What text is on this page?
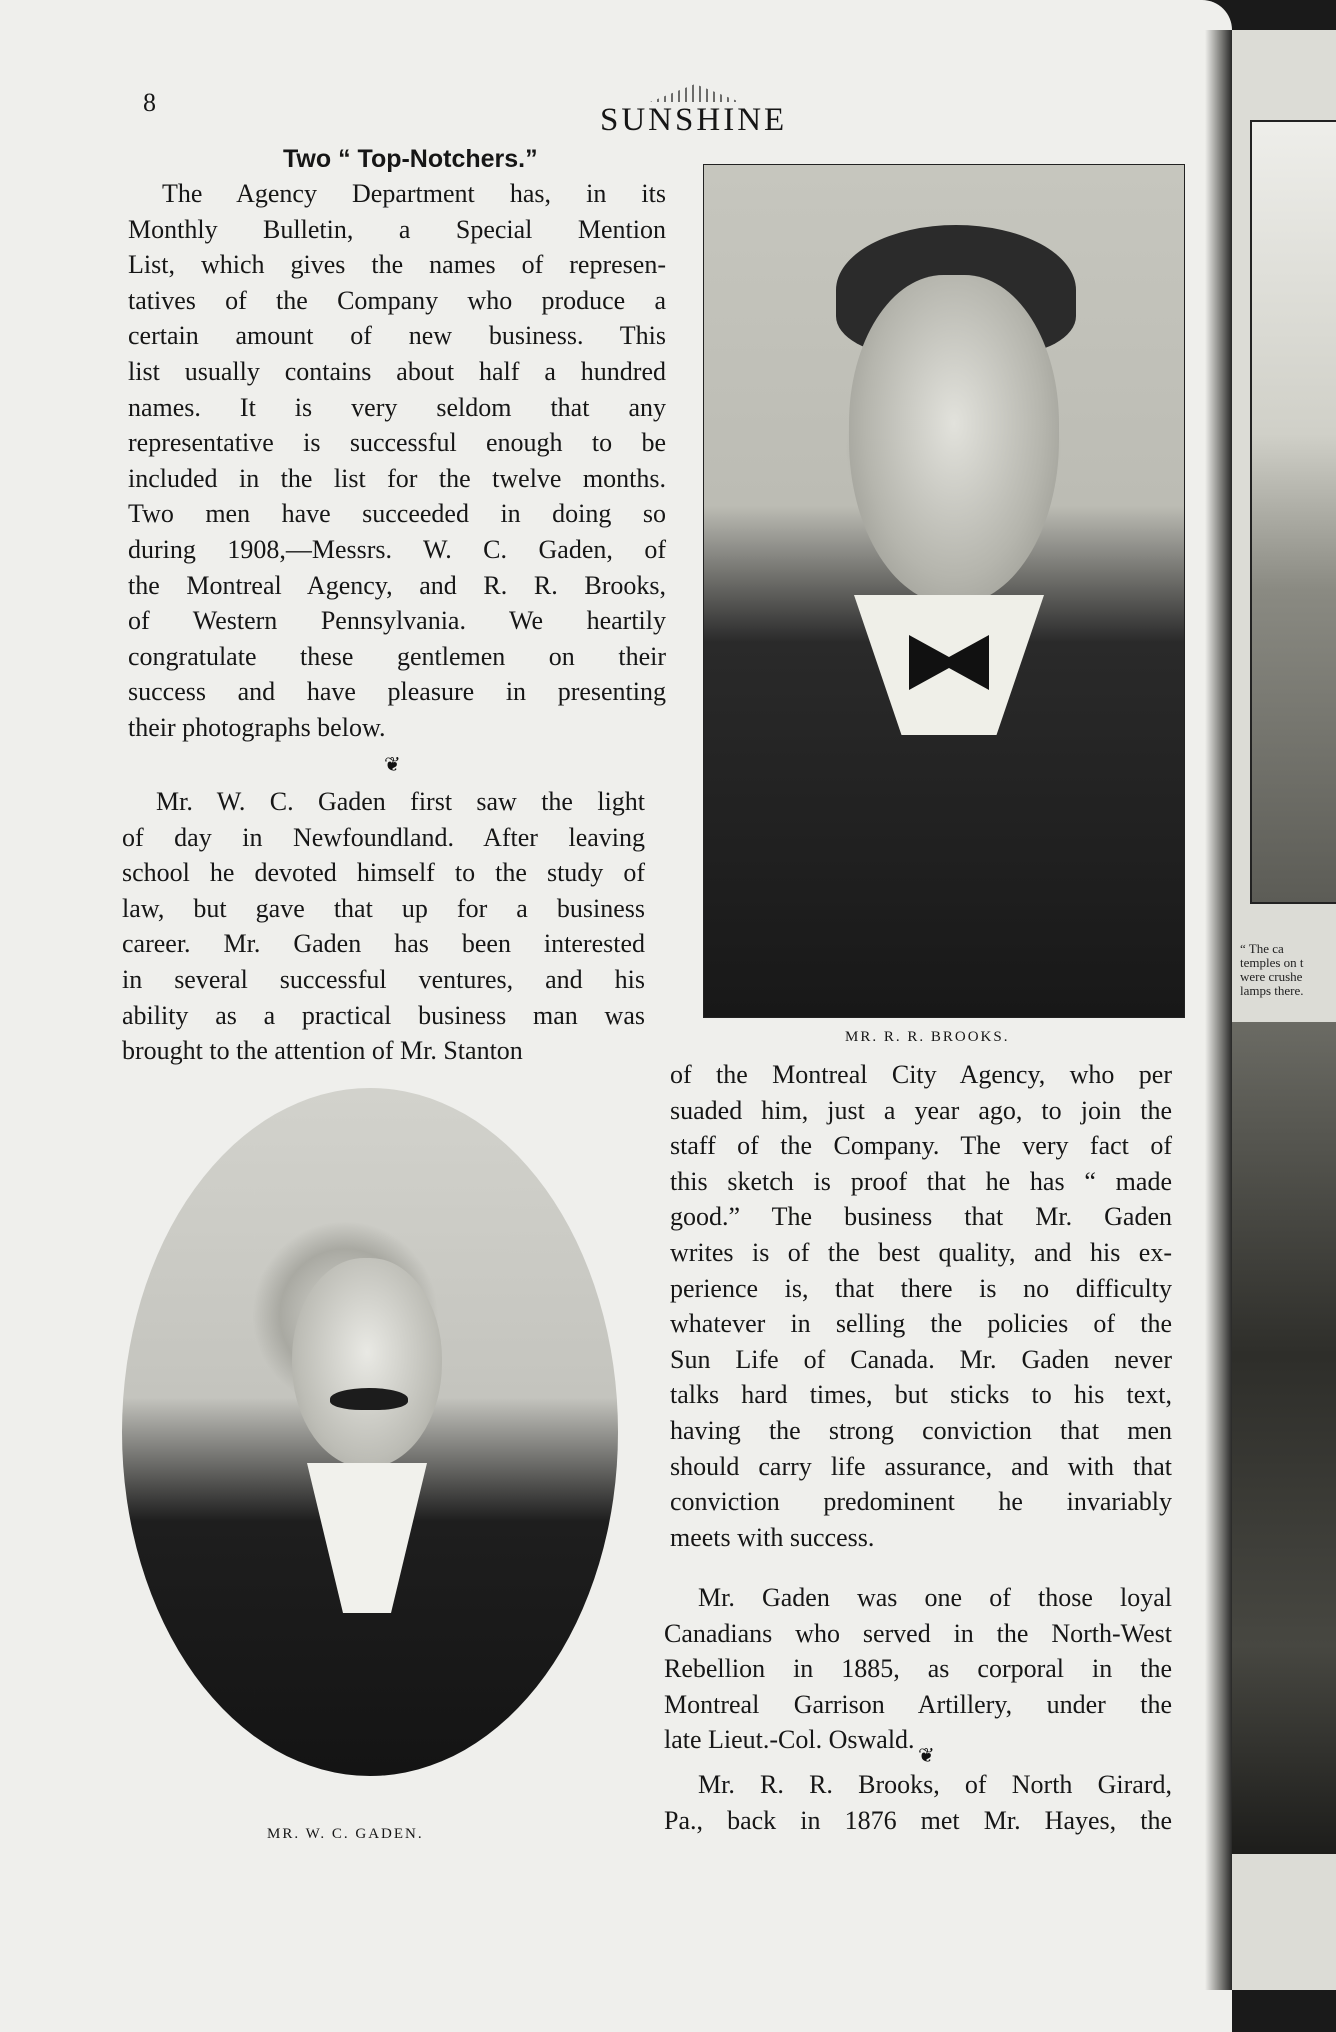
8	SUNSHINE
Two “ Top-Notchers.”

The Agency Department has, in its
Monthly Bulletin, a Special Mention
List, which gives the names of represen-
tatives of the Company who produce a
certain amount of new business. This
list usually contains about half a hundred
names. It is very seldom that any
representative is successful enough to be
included in the list for the twelve months.
Two men have succeeded in doing so
during 1908,—Messrs. W. C. Gaden, of
the Montreal Agency, and R. R. Brooks,
of Western Pennsylvania. We heartily
congratulate these gentlemen on their
success and have pleasure in presenting
their photographs below.

❦

Mr. W. C. Gaden first saw the light
of day in Newfoundland. After leaving
school he devoted himself to the study of
law, but gave that up for a business
career. Mr. Gaden has been interested
in several successful ventures, and his
ability as a practical business man was
brought to the attention of Mr. Stanton	MR. R. R. BROOKS.

of the Montreal City Agency, who per
suaded him, just a year ago, to join the
staff of the Company. The very fact of
this sketch is proof that he has “ made
good.” The business that Mr. Gaden
writes is of the best quality, and his ex-
perience is, that there is no difficulty
whatever in selling the policies of the
Sun Life of Canada. Mr. Gaden never
talks hard times, but sticks to his text,
having the strong conviction that men
should carry life assurance, and with that
conviction predominent he invariably
meets with success.

Mr. Gaden was one of those loyal
Canadians who served in the North-West
Rebellion in 1885, as corporal in the
Montreal Garrison Artillery, under the
late Lieut.-Col. Oswald.

❦

Mr. R. R. Brooks, of North Girard,
Pa., back in 1876 met Mr. Hayes, the

MR. W. C. GADEN.
“ The ca
temples on t
were crushe
lamps there.
